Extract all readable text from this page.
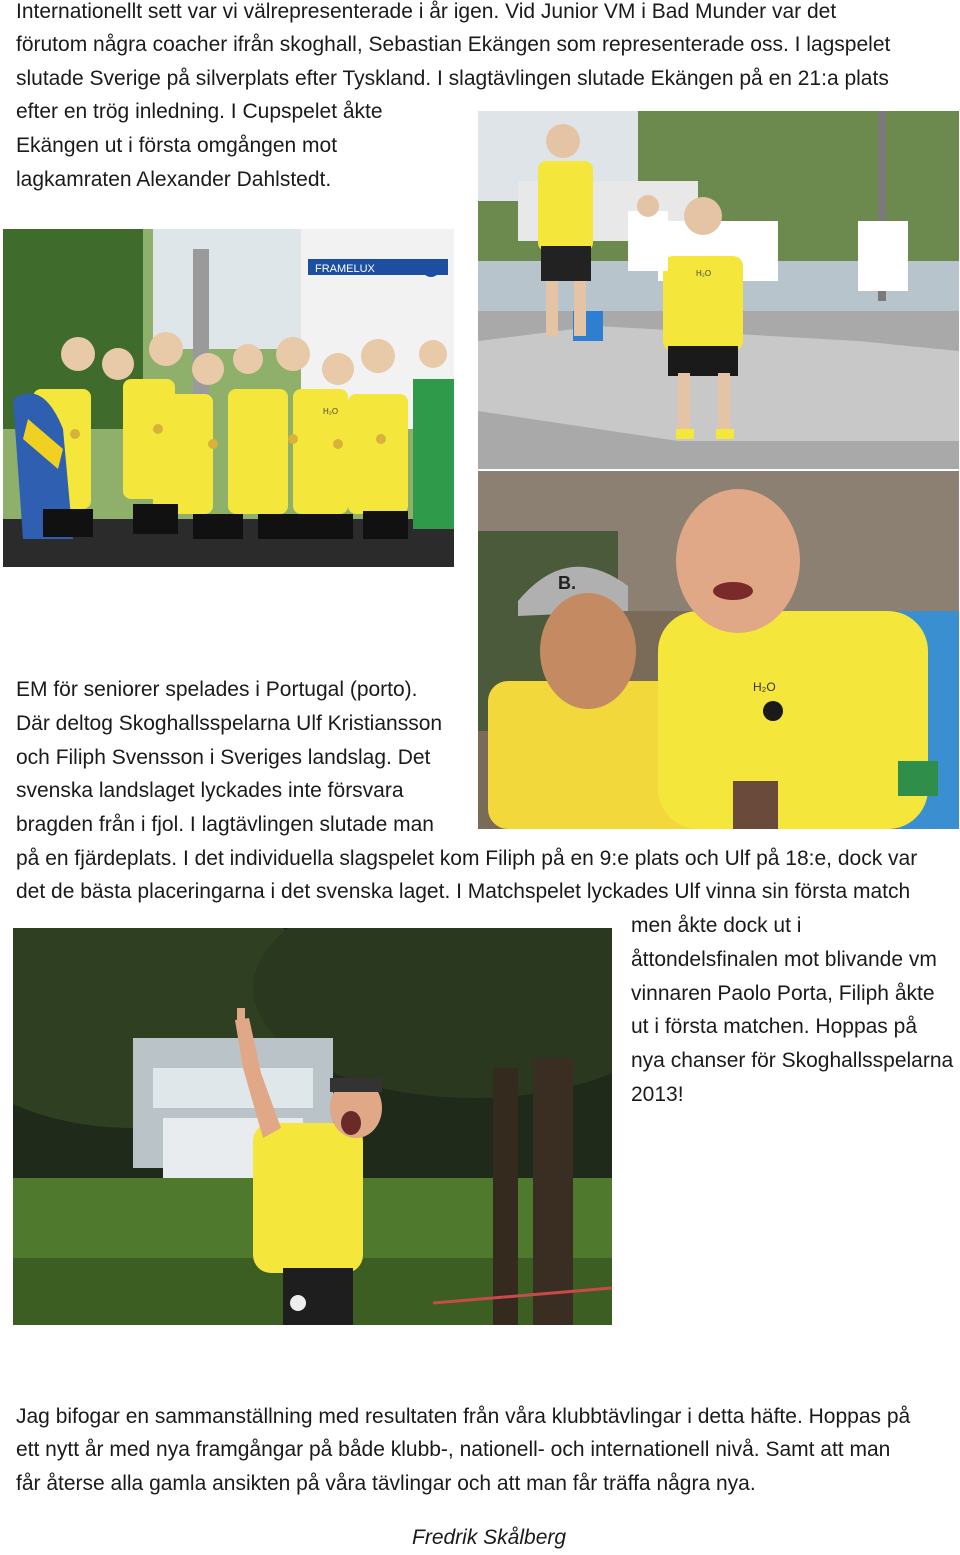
Internationellt sett var vi välrepresenterade i år igen. Vid Junior VM i Bad Munder var det
förutom några coacher ifrån skoghall, Sebastian Ekängen som representerade oss. I lagspelet
slutade Sverige på silverplats efter Tyskland. I slagtävlingen slutade Ekängen på en 21:a plats
efter en trög inledning. I Cupspelet åkte
Ekängen ut i första omgången mot
lagkamraten Alexander Dahlstedt.
FRAMELUX
H₂O
H₂O
B.
H₂O
EM för seniorer spelades i Portugal (porto).
Där deltog Skoghallsspelarna Ulf Kristiansson
och Filiph Svensson i Sveriges landslag. Det
svenska landslaget lyckades inte försvara
bragden från i fjol. I lagtävlingen slutade man
på en fjärdeplats. I det individuella slagspelet kom Filiph på en 9:e plats och Ulf på 18:e, dock var
det de bästa placeringarna i det svenska laget. I Matchspelet lyckades Ulf vinna sin första match
men åkte dock ut i
åttondelsfinalen mot blivande vm
vinnaren Paolo Porta, Filiph åkte
ut i första matchen. Hoppas på
nya chanser för Skoghallsspelarna
2013!
Jag bifogar en sammanställning med resultaten från våra klubbtävlingar i detta häfte. Hoppas på
ett nytt år med nya framgångar på både klubb-, nationell- och internationell nivå. Samt att man
får återse alla gamla ansikten på våra tävlingar och att man får träffa några nya.
Fredrik Skålberg
